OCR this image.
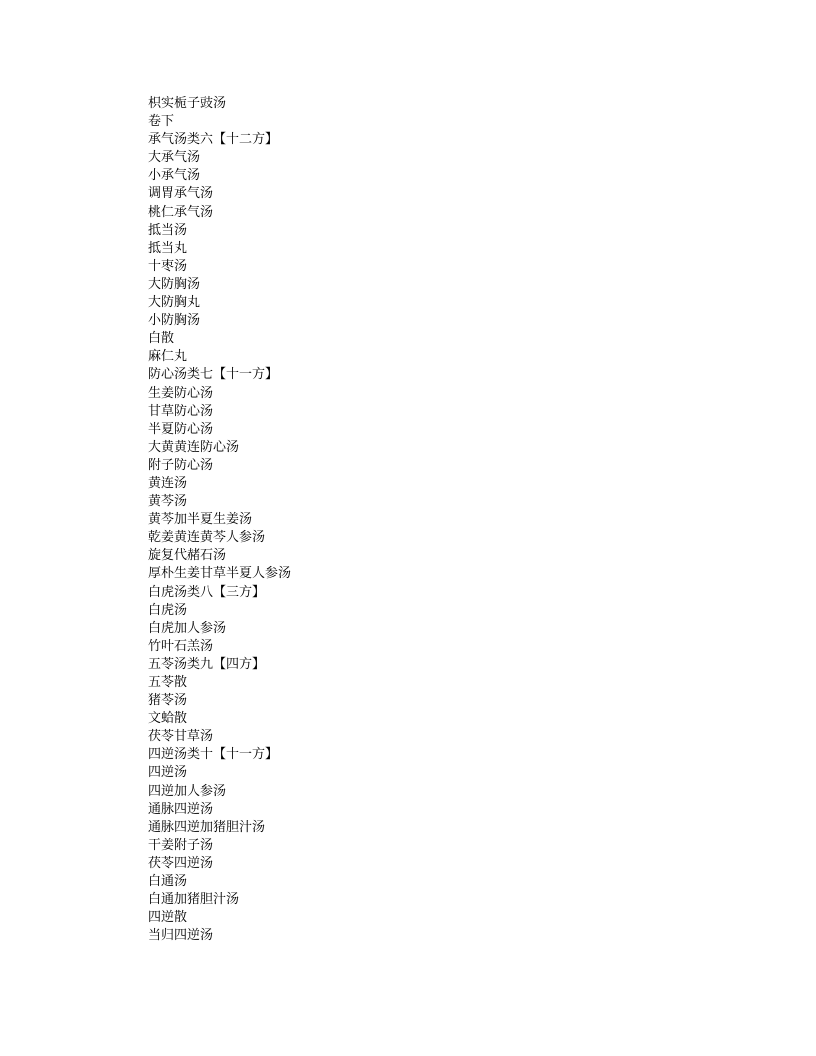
枳实栀子豉汤
卷下
承气汤类六【十二方】
大承气汤
小承气汤
调胃承气汤
桃仁承气汤
抵当汤
抵当丸
十枣汤
大防胸汤
大防胸丸
小防胸汤
白散
麻仁丸
防心汤类七【十一方】
生姜防心汤
甘草防心汤
半夏防心汤
大黄黄连防心汤
附子防心汤
黄连汤
黄芩汤
黄芩加半夏生姜汤
乾姜黄连黄芩人参汤
旋复代赭石汤
厚朴生姜甘草半夏人参汤
白虎汤类八【三方】
白虎汤
白虎加人参汤
竹叶石羔汤
五苓汤类九【四方】
五苓散
猪苓汤
文蛤散
茯苓甘草汤
四逆汤类十【十一方】
四逆汤
四逆加人参汤
通脉四逆汤
通脉四逆加猪胆汁汤
干姜附子汤
茯苓四逆汤
白通汤
白通加猪胆汁汤
四逆散
当归四逆汤
